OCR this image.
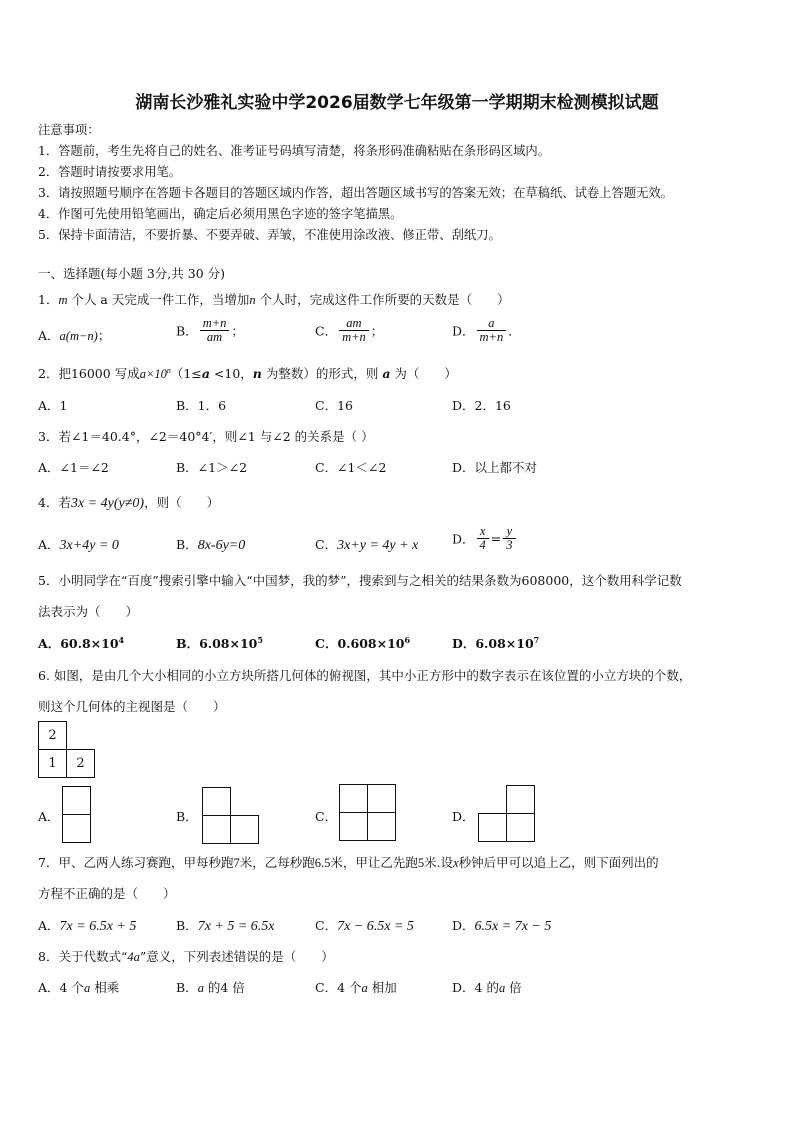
湖南长沙雅礼实验中学2026届数学七年级第一学期期末检测模拟试题
注意事项：
1．答题前，考生先将自己的姓名、准考证号码填写清楚，将条形码准确粘贴在条形码区域内。
2．答题时请按要求用笔。
3．请按照题号顺序在答题卡各题目的答题区域内作答，超出答题区域书写的答案无效；在草稿纸、试卷上答题无效。
4．作图可先使用铅笔画出，确定后必须用黑色字迹的签字笔描黑。
5．保持卡面清洁，不要折暴、不要弄破、弄皱，不准使用涂改液、修正带、刮纸刀。
一、选择题(每小题 3分,共 30 分)
1．m 个人 a 天完成一件工作，当增加n 个人时，完成这件工作所要的天数是（　　）
A．a(m−n)；	B． $\frac{m+n}{am}$ ；	C． $\frac{am}{m+n}$ ；	D． $\frac{a}{m+n}$ ．
2．把16000 写成$a\times 10^n(1\le a <10$，n 为整数）的形式，则 a 为（　　）
A．1	B．1．6	C．16	D．2．16
3．若∠1＝40.4°，∠2＝40°4′，则∠1 与∠2 的关系是（ ）
A．∠1＝∠2	B．∠1＞∠2	C．∠1＜∠2	D．以上都不对
4．若3x = 4y(y≠0)，则（　　）
A．3x+4y = 0	B．8x-6y=0	C．3x+y = 4y + x	D． $\frac{x}{4} = \frac{y}{3}$
5．小明同学在“百度”搜索引擎中输入“中国梦，我的梦”，搜索到与之相关的结果条数为608000，这个数用科学记数
法表示为（　　）
A．$60.8\times 10^4$	B．$6.08\times 10^5$	C．$0.608\times 10^6$	D．$6.08\times 10^7$
6. 如图，是由几个大小相同的小立方块所搭几何体的俯视图，其中小正方形中的数字表示在该位置的小立方块的个数，
则这个几何体的主视图是（　　）
2
1	2
A．	B．	C．	D．
7．甲、乙两人练习赛跑，甲每秒跑7米，乙每秒跑6.5米，甲让乙先跑5米.设x秒钟后甲可以追上乙，则下面列出的
方程不正确的是（　　）
A．7x = 6.5x + 5	B．7x + 5 = 6.5x	C．7x − 6.5x = 5	D．6.5x = 7x − 5
8．关于代数式“4a”意义，下列表述错误的是（　　）
A．4 个a 相乘	B．a 的4 倍	C．4 个a 相加	D．4 的a 倍
